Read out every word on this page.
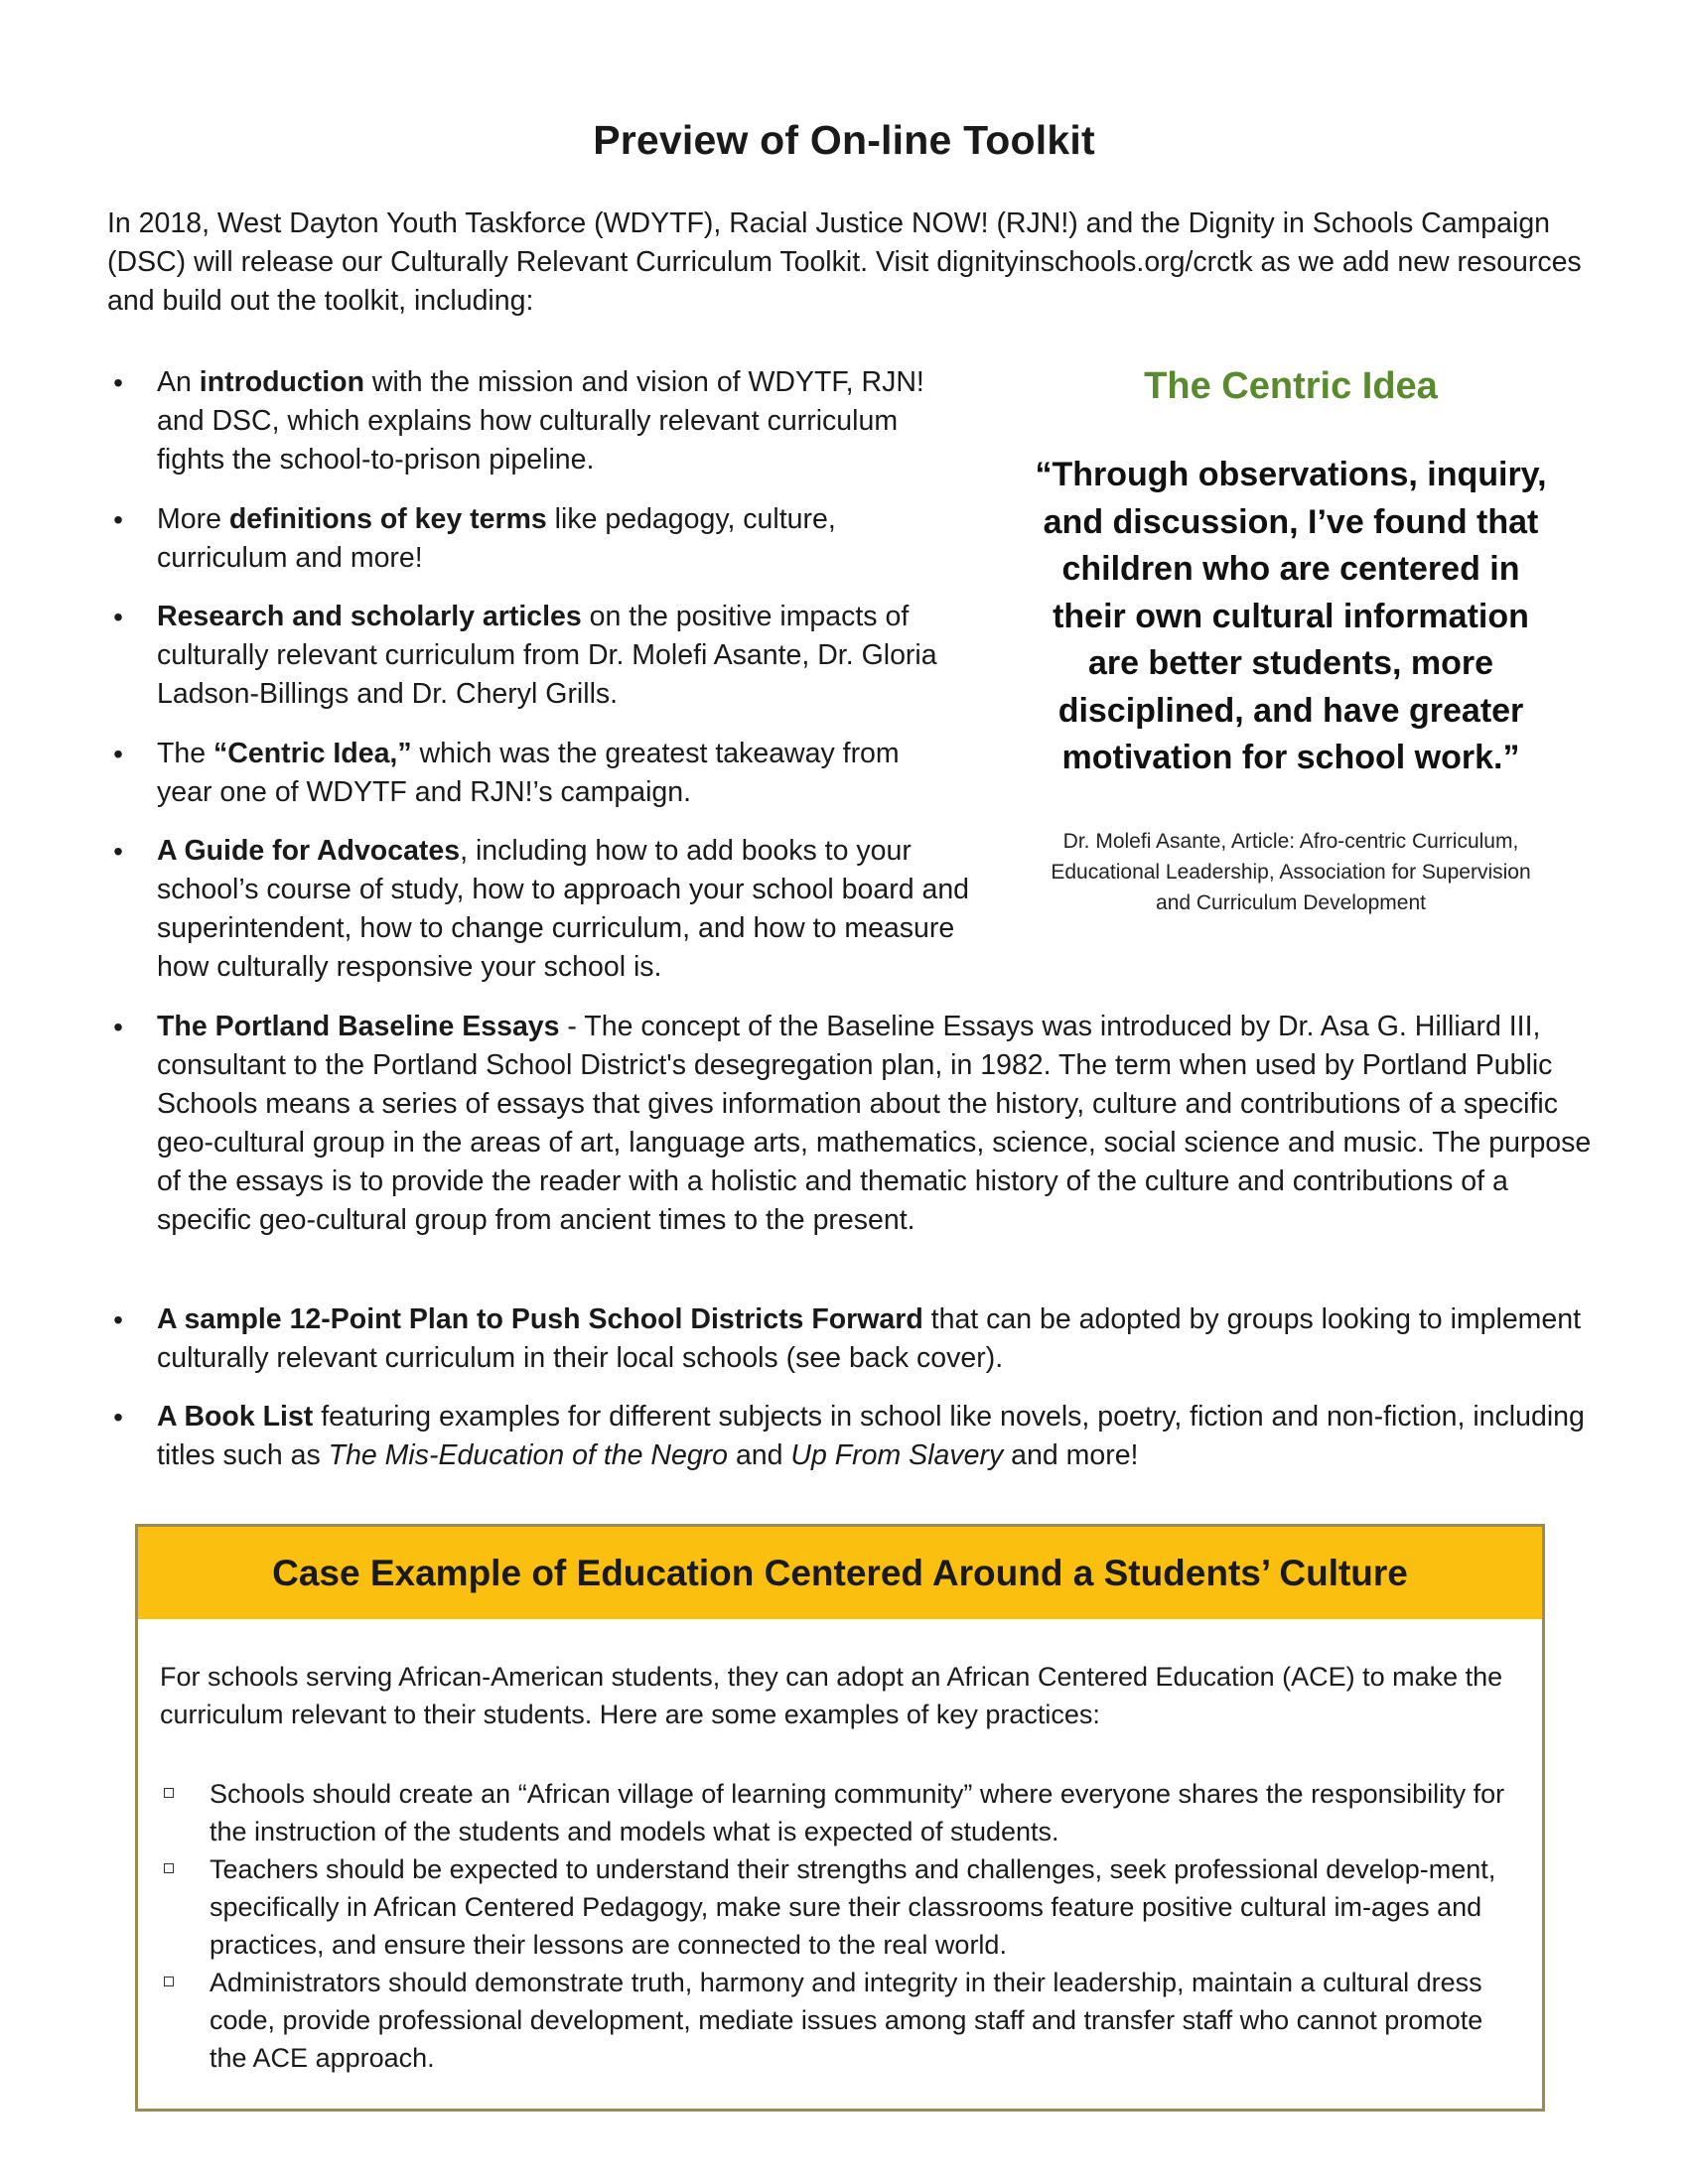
Preview of On-line Toolkit

In 2018, West Dayton Youth Taskforce (WDYTF), Racial Justice NOW! (RJN!) and the Dignity in Schools Campaign (DSC) will release our Culturally Relevant Curriculum Toolkit. Visit dignityinschools.org/crctk as we add new resources and build out the toolkit, including:

• An introduction with the mission and vision of WDYTF, RJN! and DSC, which explains how culturally relevant curriculum fights the school-to-prison pipeline.
• More definitions of key terms like pedagogy, culture, curriculum and more!
• Research and scholarly articles on the positive impacts of culturally relevant curriculum from Dr. Molefi Asante, Dr. Gloria Ladson-Billings and Dr. Cheryl Grills.
• The “Centric Idea,” which was the greatest takeaway from year one of WDYTF and RJN!’s campaign.
• A Guide for Advocates, including how to add books to your school’s course of study, how to approach your school board and superintendent, how to change curriculum, and how to measure how culturally responsive your school is.
• The Portland Baseline Essays - The concept of the Baseline Essays was introduced by Dr. Asa G. Hilliard III, consultant to the Portland School District's desegregation plan, in 1982. The term when used by Portland Public Schools means a series of essays that gives information about the history, culture and contributions of a specific geo-cultural group in the areas of art, language arts, mathematics, science, social science and music. The purpose of the essays is to provide the reader with a holistic and thematic history of the culture and contributions of a specific geo-cultural group from ancient times to the present.
• A sample 12-Point Plan to Push School Districts Forward that can be adopted by groups looking to implement culturally relevant curriculum in their local schools (see back cover).
• A Book List featuring examples for different subjects in school like novels, poetry, fiction and non-fiction, including titles such as The Mis-Education of the Negro and Up From Slavery and more!
The Centric Idea

“Through observations, inquiry, and discussion, I’ve found that children who are centered in their own cultural information are better students, more disciplined, and have greater motivation for school work.”

Dr. Molefi Asante, Article: Afro-centric Curriculum, Educational Leadership, Association for Supervision and Curriculum Development

Case Example of Education Centered Around a Students’ Culture

For schools serving African-American students, they can adopt an African Centered Education (ACE) to make the curriculum relevant to their students. Here are some examples of key practices:

Schools should create an “African village of learning community” where everyone shares the responsibility for the instruction of the students and models what is expected of students.
Teachers should be expected to understand their strengths and challenges, seek professional develop-ment, specifically in African Centered Pedagogy, make sure their classrooms feature positive cultural im-ages and practices, and ensure their lessons are connected to the real world.
Administrators should demonstrate truth, harmony and integrity in their leadership, maintain a cultural dress code, provide professional development, mediate issues among staff and transfer staff who cannot promote the ACE approach.
